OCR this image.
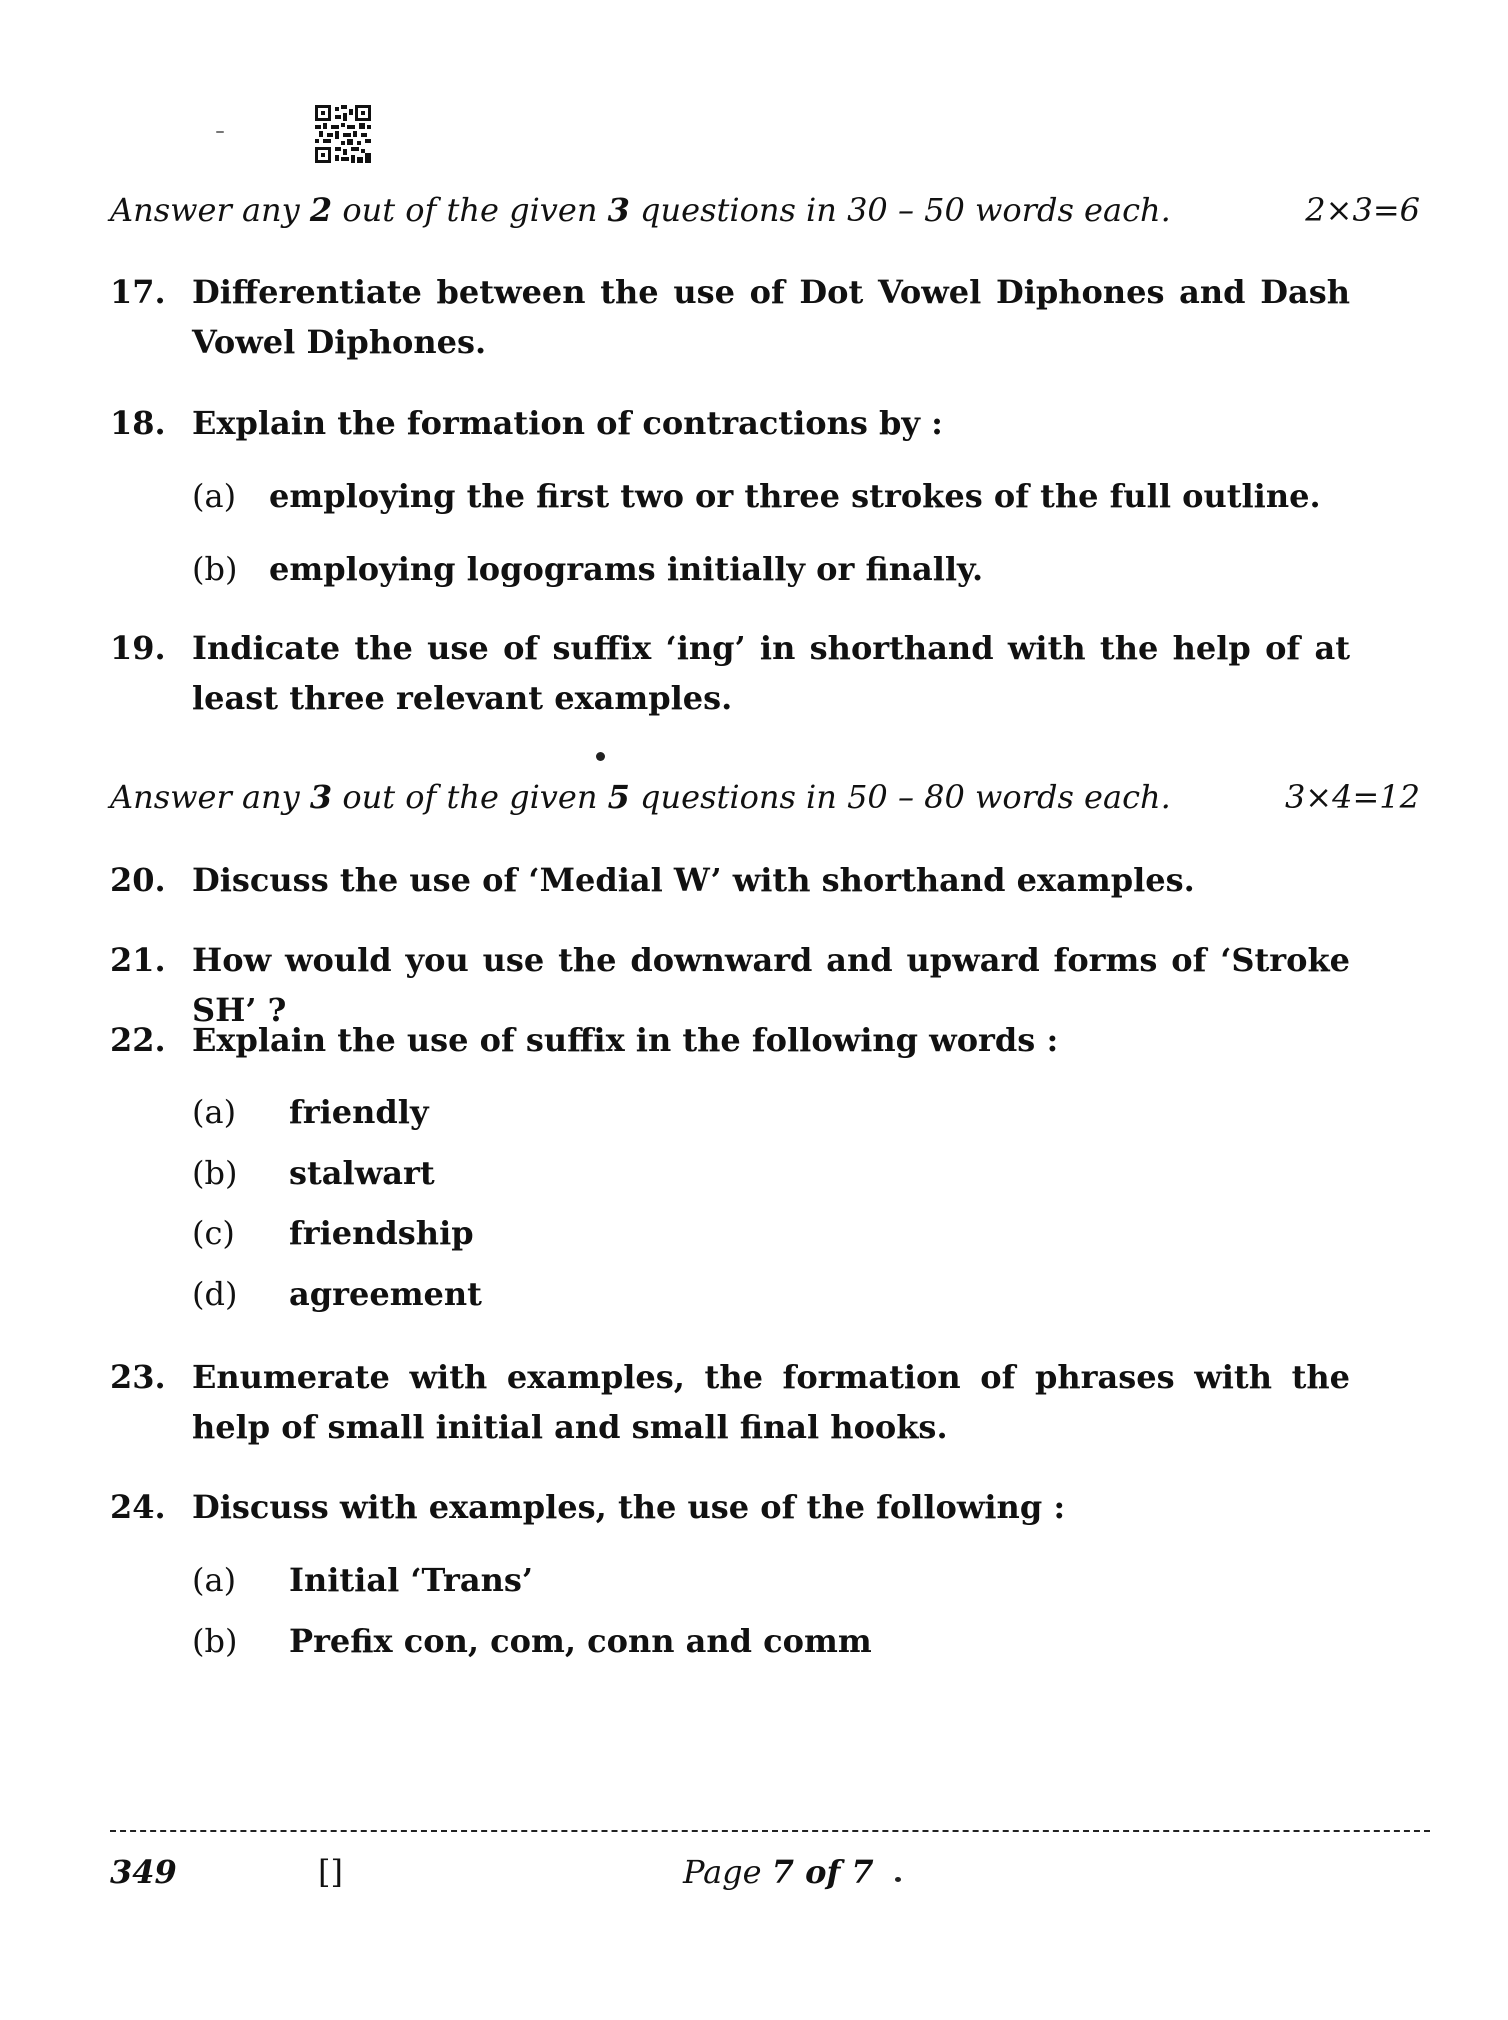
Answer any 2 out of the given 3 questions in 30 – 50 words each.	2×3=6
17. Differentiate between the use of Dot Vowel Diphones and Dash Vowel Diphones.
18. Explain the formation of contractions by :
(a) employing the first two or three strokes of the full outline.
(b) employing logograms initially or finally.
19. Indicate the use of suffix ‘ing’ in shorthand with the help of at least three relevant examples.
Answer any 3 out of the given 5 questions in 50 – 80 words each.	3×4=12
20. Discuss the use of ‘Medial W’ with shorthand examples.
21. How would you use the downward and upward forms of ‘Stroke SH’ ?
22. Explain the use of suffix in the following words :
(a) friendly
(b) stalwart
(c) friendship
(d) agreement
23. Enumerate with examples, the formation of phrases with the help of small initial and small final hooks.
24. Discuss with examples, the use of the following :
(a) Initial ‘Trans’
(b) Prefix con, com, conn and comm
349	[]	Page 7 of 7
